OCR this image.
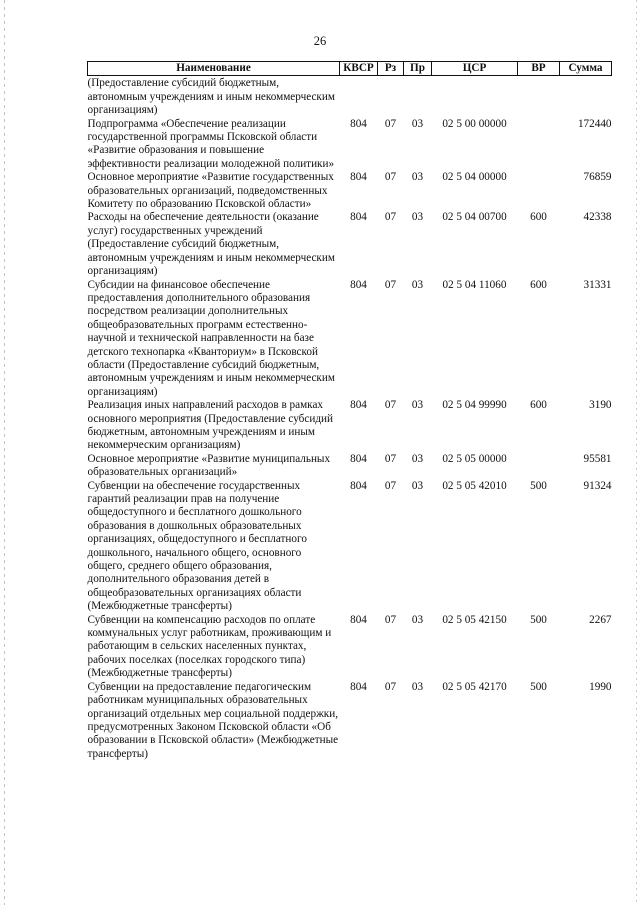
26
Наименование	КВСР	Рз	Пр	ЦСР	ВР	Сумма
(Предоставление субсидий бюджетным, автономным учреждениям и иным некоммерческим организациям)						
Подпрограмма «Обеспечение реализации государственной программы Псковской области «Развитие образования и повышение эффективности реализации молодежной политики»	804	07	03	02 5 00 00000		172440
Основное мероприятие «Развитие государственных образовательных организаций, подведомственных Комитету по образованию Псковской области»	804	07	03	02 5 04 00000		76859
Расходы на обеспечение деятельности (оказание услуг) государственных учреждений (Предоставление субсидий бюджетным, автономным учреждениям и иным некоммерческим организациям)	804	07	03	02 5 04 00700	600	42338
Субсидии на финансовое обеспечение предоставления дополнительного образования посредством реализации дополнительных общеобразовательных программ естественно-научной и технической направленности на базе детского технопарка «Кванториум» в Псковской области (Предоставление субсидий бюджетным, автономным учреждениям и иным некоммерческим организациям)	804	07	03	02 5 04 11060	600	31331
Реализация иных направлений расходов в рамках основного мероприятия (Предоставление субсидий бюджетным, автономным учреждениям и иным некоммерческим организациям)	804	07	03	02 5 04 99990	600	3190
Основное мероприятие «Развитие муниципальных образовательных организаций»	804	07	03	02 5 05 00000		95581
Субвенции на обеспечение государственных гарантий реализации прав на получение общедоступного и бесплатного дошкольного образования в дошкольных образовательных организациях, общедоступного и бесплатного дошкольного, начального общего, основного общего, среднего общего образования, дополнительного образования детей в общеобразовательных организациях области (Межбюджетные трансферты)	804	07	03	02 5 05 42010	500	91324
Субвенции на компенсацию расходов по оплате коммунальных услуг работникам, проживающим и работающим в сельских населенных пунктах, рабочих поселках (поселках городского типа) (Межбюджетные трансферты)	804	07	03	02 5 05 42150	500	2267
Субвенции на предоставление педагогическим работникам муниципальных образовательных организаций отдельных мер социальной поддержки, предусмотренных Законом Псковской области «Об образовании в Псковской области» (Межбюджетные трансферты)	804	07	03	02 5 05 42170	500	1990
